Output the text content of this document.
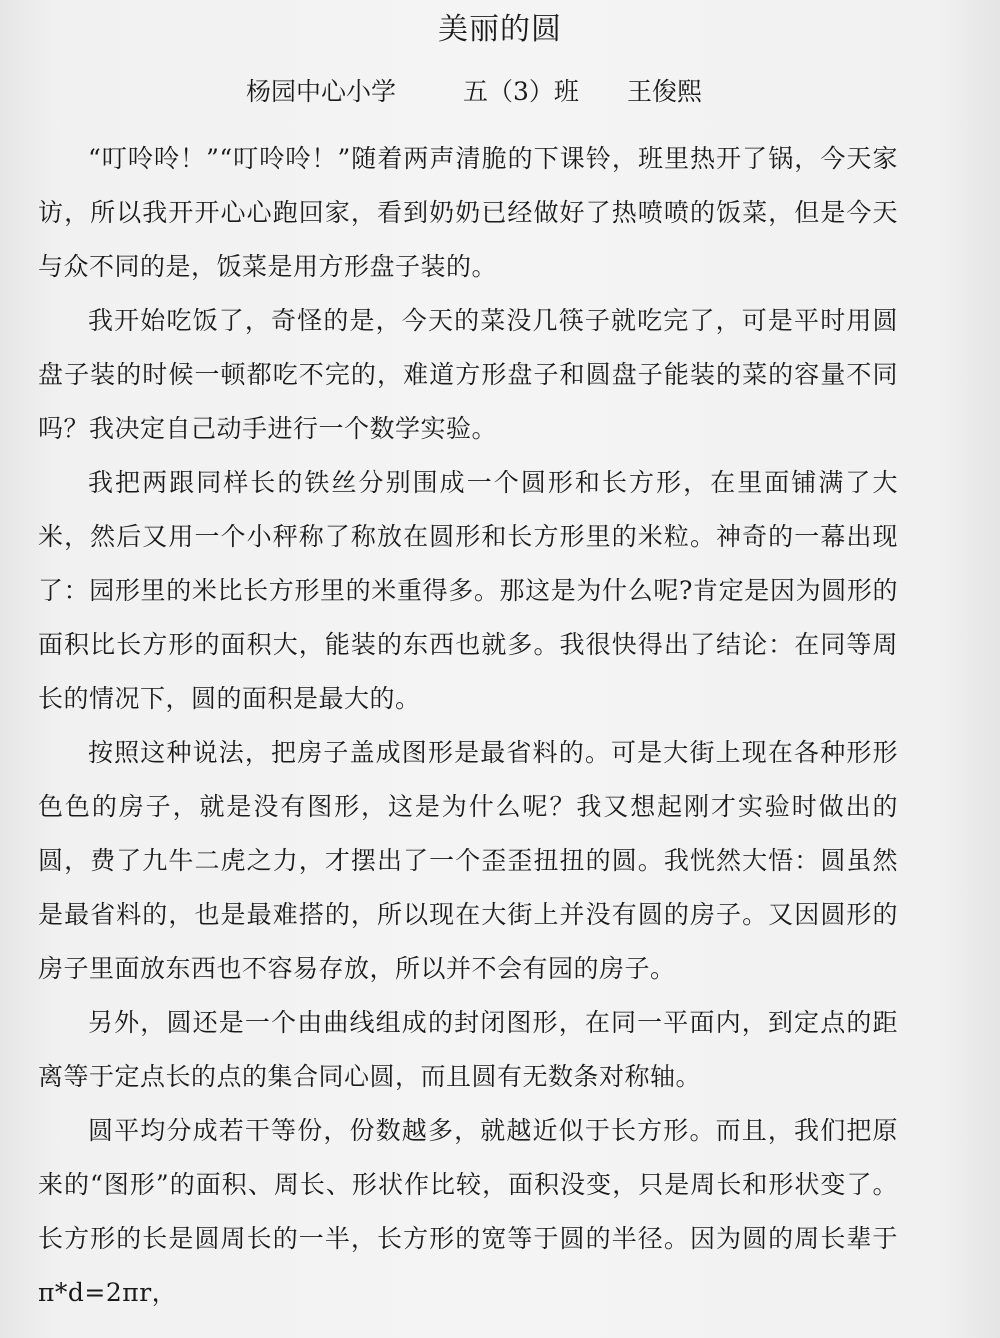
美丽的圆
杨园中心小学	五（3）班 王俊熙

“叮呤呤！”“叮呤呤！”随着两声清脆的下课铃，班里热开了锅，今天家访，所以我开开心心跑回家，看到奶奶已经做好了热喷喷的饭菜，但是今天与众不同的是，饭菜是用方形盘子装的。

我开始吃饭了，奇怪的是，今天的菜没几筷子就吃完了，可是平时用圆盘子装的时候一顿都吃不完的，难道方形盘子和圆盘子能装的菜的容量不同吗？我决定自己动手进行一个数学实验。

我把两跟同样长的铁丝分别围成一个圆形和长方形，在里面铺满了大米，然后又用一个小秤称了称放在圆形和长方形里的米粒。神奇的一幕出现了：园形里的米比长方形里的米重得多。那这是为什么呢?肯定是因为圆形的面积比长方形的面积大，能装的东西也就多。我很快得出了结论：在同等周长的情况下，圆的面积是最大的。

按照这种说法，把房子盖成图形是最省料的。可是大街上现在各种形形色色的房子，就是没有图形，这是为什么呢？我又想起刚才实验时做出的圆，费了九牛二虎之力，才摆出了一个歪歪扭扭的圆。我恍然大悟：圆虽然是最省料的，也是最难搭的，所以现在大街上并没有圆的房子。又因圆形的房子里面放东西也不容易存放，所以并不会有园的房子。

另外，圆还是一个由曲线组成的封闭图形，在同一平面内，到定点的距离等于定点长的点的集合同心圆，而且圆有无数条对称轴。

圆平均分成若干等份，份数越多，就越近似于长方形。而且，我们把原来的“图形”的面积、周长、形状作比较，面积没变，只是周长和形状变了。长方形的长是圆周长的一半，长方形的宽等于圆的半径。因为圆的周长辈于π*d=2πr，
